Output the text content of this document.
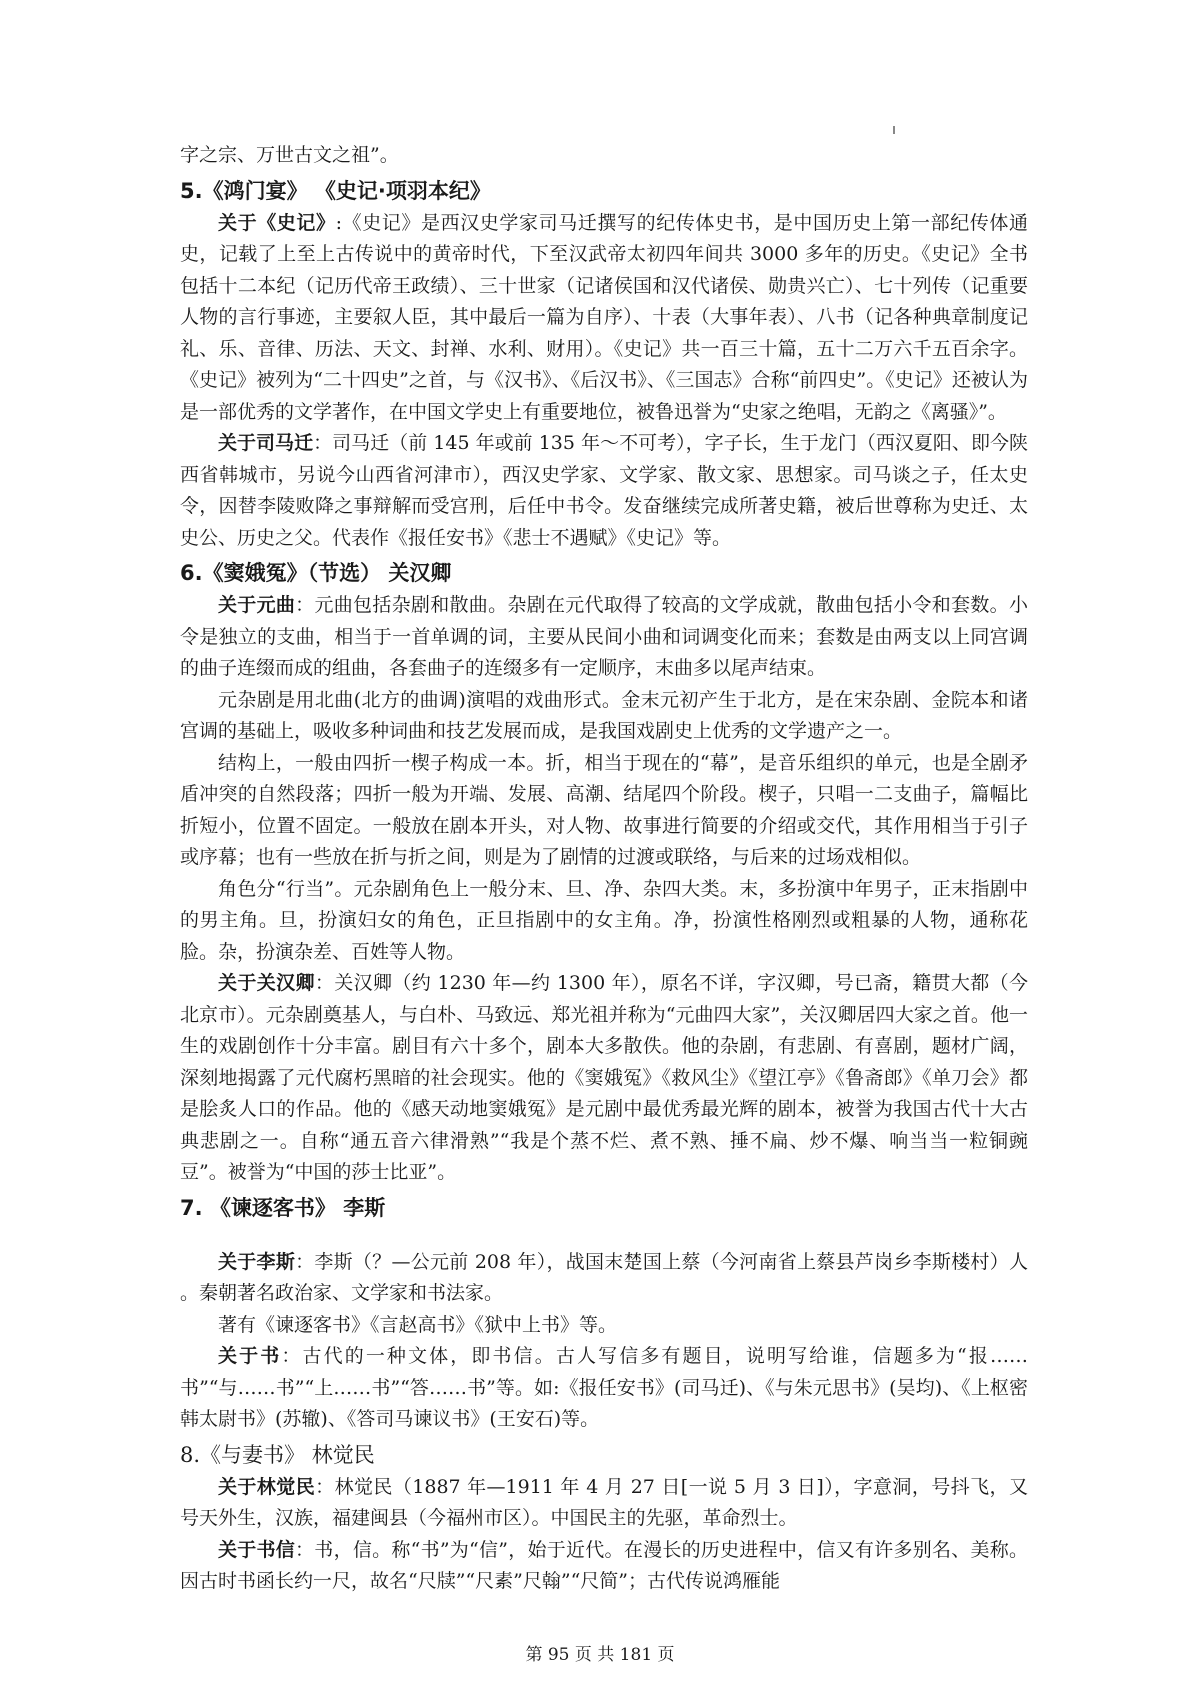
字之宗、万世古文之祖”。

5.《鸿门宴》 《史记·项羽本纪》

关于《史记》:《史记》是西汉史学家司马迁撰写的纪传体史书，是中国历史上第一部纪传体通史，记载了上至上古传说中的黄帝时代，下至汉武帝太初四年间共 3000 多年的历史。《史记》全书包括十二本纪（记历代帝王政绩）、三十世家（记诸侯国和汉代诸侯、勋贵兴亡）、七十列传（记重要人物的言行事迹，主要叙人臣，其中最后一篇为自序）、十表（大事年表）、八书（记各种典章制度记礼、乐、音律、历法、天文、封禅、水利、财用）。《史记》共一百三十篇，五十二万六千五百余字。《史记》被列为“二十四史”之首，与《汉书》、《后汉书》、《三国志》合称“前四史”。《史记》还被认为是一部优秀的文学著作，在中国文学史上有重要地位，被鲁迅誉为“史家之绝唱，无韵之《离骚》”。

关于司马迁：司马迁（前 145 年或前 135 年～不可考），字子长，生于龙门（西汉夏阳、即今陕西省韩城市，另说今山西省河津市），西汉史学家、文学家、散文家、思想家。司马谈之子，任太史令，因替李陵败降之事辩解而受宫刑，后任中书令。发奋继续完成所著史籍，被后世尊称为史迁、太史公、历史之父。代表作《报任安书》《悲士不遇赋》《史记》等。

6.《窦娥冤》（节选） 关汉卿

关于元曲：元曲包括杂剧和散曲。杂剧在元代取得了较高的文学成就，散曲包括小令和套数。小令是独立的支曲，相当于一首单调的词，主要从民间小曲和词调变化而来；套数是由两支以上同宫调的曲子连缀而成的组曲，各套曲子的连缀多有一定顺序，末曲多以尾声结束。

元杂剧是用北曲(北方的曲调)演唱的戏曲形式。金末元初产生于北方，是在宋杂剧、金院本和诸宫调的基础上，吸收多种词曲和技艺发展而成，是我国戏剧史上优秀的文学遗产之一。

结构上，一般由四折一楔子构成一本。折，相当于现在的“幕”，是音乐组织的单元，也是全剧矛盾冲突的自然段落；四折一般为开端、发展、高潮、结尾四个阶段。楔子，只唱一二支曲子，篇幅比折短小，位置不固定。一般放在剧本开头，对人物、故事进行简要的介绍或交代，其作用相当于引子或序幕；也有一些放在折与折之间，则是为了剧情的过渡或联络，与后来的过场戏相似。

角色分“行当”。元杂剧角色上一般分末、旦、净、杂四大类。末，多扮演中年男子，正末指剧中的男主角。旦，扮演妇女的角色，正旦指剧中的女主角。净，扮演性格刚烈或粗暴的人物，通称花脸。杂，扮演杂差、百姓等人物。

关于关汉卿：关汉卿（约 1230 年—约 1300 年），原名不详，字汉卿，号已斋，籍贯大都（今北京市）。元杂剧奠基人，与白朴、马致远、郑光祖并称为“元曲四大家”，关汉卿居四大家之首。他一生的戏剧创作十分丰富。剧目有六十多个，剧本大多散佚。他的杂剧，有悲剧、有喜剧，题材广阔，深刻地揭露了元代腐朽黑暗的社会现实。他的《窦娥冤》《救风尘》《望江亭》《鲁斋郎》《单刀会》都是脍炙人口的作品。他的《感天动地窦娥冤》是元剧中最优秀最光辉的剧本，被誉为我国古代十大古典悲剧之一。自称“通五音六律滑熟”“我是个蒸不烂、煮不熟、捶不扁、炒不爆、响当当一粒铜豌豆”。被誉为“中国的莎士比亚”。

7. 《谏逐客书》 李斯

关于李斯：李斯（？—公元前 208 年），战国末楚国上蔡（今河南省上蔡县芦岗乡李斯楼村）人 。秦朝著名政治家、文学家和书法家。

著有《谏逐客书》《言赵高书》《狱中上书》等。

关于书：古代的一种文体，即书信。古人写信多有题目，说明写给谁，信题多为“报……书”“与……书”“上……书”“答……书”等。如:《报任安书》(司马迁)、《与朱元思书》(吴均)、《上枢密韩太尉书》(苏辙)、《答司马谏议书》(王安石)等。

8.《与妻书》 林觉民

关于林觉民：林觉民（1887 年—1911 年 4 月 27 日[一说 5 月 3 日]），字意洞，号抖飞，又号天外生，汉族，福建闽县（今福州市区）。中国民主的先驱，革命烈士。

关于书信：书，信。称“书”为“信”，始于近代。在漫长的历史进程中，信又有许多别名、美称。因古时书函长约一尺，故名“尺牍”“尺素”尺翰”“尺简”；古代传说鸿雁能

第 95 页 共 181 页
